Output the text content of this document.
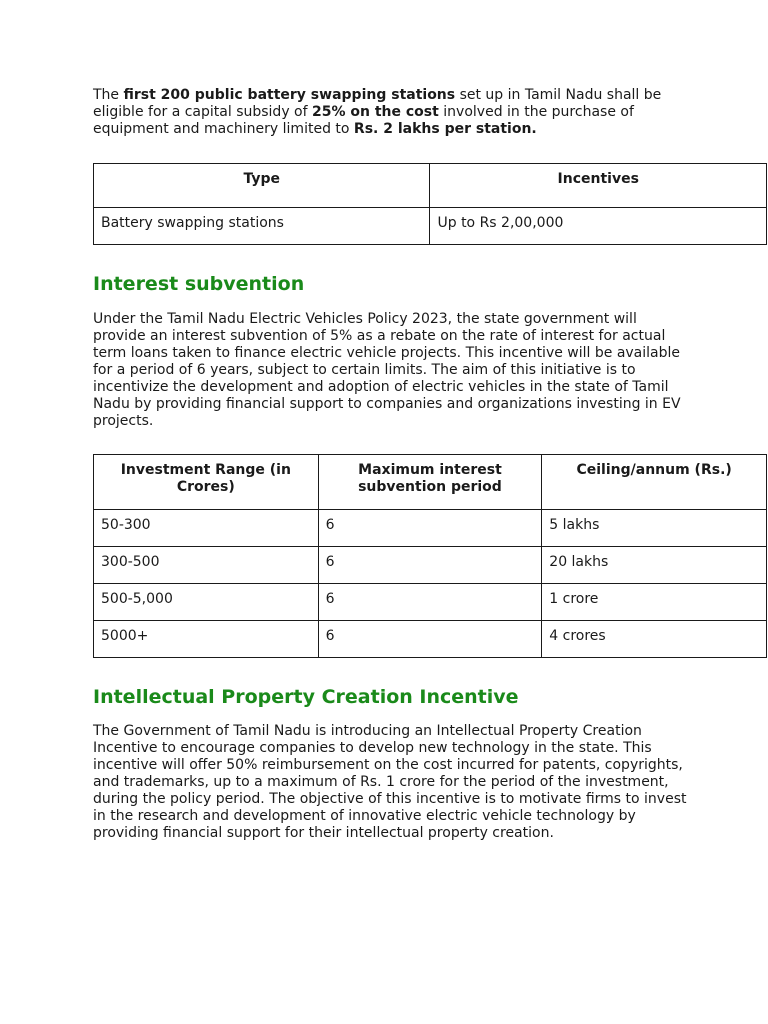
The first 200 public battery swapping stations set up in Tamil Nadu shall be eligible for a capital subsidy of 25% on the cost involved in the purchase of equipment and machinery limited to Rs. 2 lakhs per station.

Type	Incentives
Battery swapping stations	Up to Rs 2,00,000
Interest subvention

Under the Tamil Nadu Electric Vehicles Policy 2023, the state government will provide an interest subvention of 5% as a rebate on the rate of interest for actual term loans taken to finance electric vehicle projects. This incentive will be available for a period of 6 years, subject to certain limits. The aim of this initiative is to incentivize the development and adoption of electric vehicles in the state of Tamil Nadu by providing financial support to companies and organizations investing in EV projects.

Investment Range (in Crores)	Maximum interest subvention period	Ceiling/annum (Rs.)
50-300	6	5 lakhs
300-500	6	20 lakhs
500-5,000	6	1 crore
5000+	6	4 crores
Intellectual Property Creation Incentive

The Government of Tamil Nadu is introducing an Intellectual Property Creation Incentive to encourage companies to develop new technology in the state. This incentive will offer 50% reimbursement on the cost incurred for patents, copyrights, and trademarks, up to a maximum of Rs. 1 crore for the period of the investment, during the policy period. The objective of this incentive is to motivate firms to invest in the research and development of innovative electric vehicle technology by providing financial support for their intellectual property creation.
